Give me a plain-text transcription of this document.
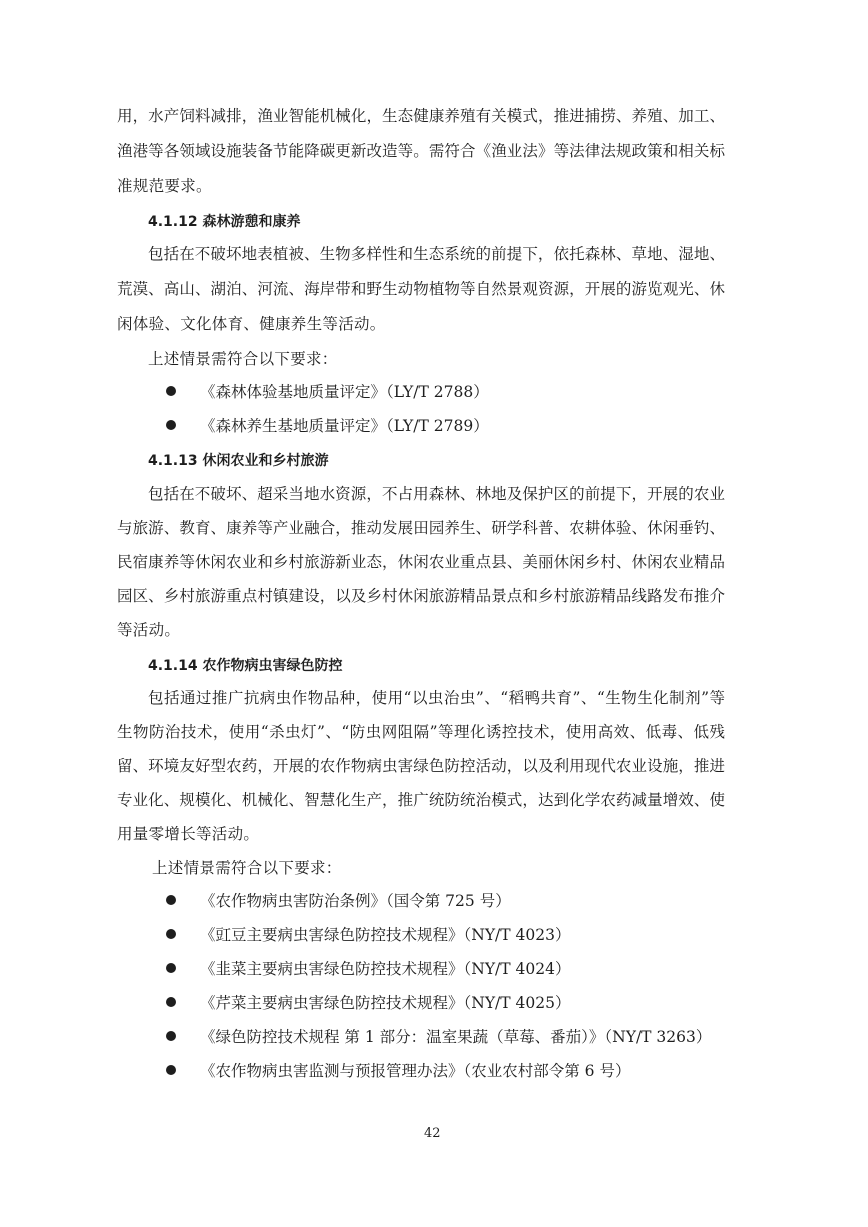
用，水产饲料减排，渔业智能机械化，生态健康养殖有关模式，推进捕捞、养殖、加工、
渔港等各领域设施装备节能降碳更新改造等。需符合《渔业法》等法律法规政策和相关标
准规范要求。
4.1.12 森林游憩和康养
包括在不破坏地表植被、生物多样性和生态系统的前提下，依托森林、草地、湿地、
荒漠、高山、湖泊、河流、海岸带和野生动物植物等自然景观资源，开展的游览观光、休
闲体验、文化体育、健康养生等活动。
上述情景需符合以下要求：
《森林体验基地质量评定》（LY/T 2788）
《森林养生基地质量评定》（LY/T 2789）
4.1.13 休闲农业和乡村旅游
包括在不破坏、超采当地水资源，不占用森林、林地及保护区的前提下，开展的农业
与旅游、教育、康养等产业融合，推动发展田园养生、研学科普、农耕体验、休闲垂钓、
民宿康养等休闲农业和乡村旅游新业态，休闲农业重点县、美丽休闲乡村、休闲农业精品
园区、乡村旅游重点村镇建设，以及乡村休闲旅游精品景点和乡村旅游精品线路发布推介
等活动。
4.1.14 农作物病虫害绿色防控
包括通过推广抗病虫作物品种，使用“以虫治虫”、“稻鸭共育”、“生物生化制剂”等
生物防治技术，使用“杀虫灯”、“防虫网阻隔”等理化诱控技术，使用高效、低毒、低残
留、环境友好型农药，开展的农作物病虫害绿色防控活动，以及利用现代农业设施，推进
专业化、规模化、机械化、智慧化生产，推广统防统治模式，达到化学农药减量增效、使
用量零增长等活动。
上述情景需符合以下要求：
《农作物病虫害防治条例》（国令第 725 号）
《豇豆主要病虫害绿色防控技术规程》（NY/T 4023）
《韭菜主要病虫害绿色防控技术规程》（NY/T 4024）
《芹菜主要病虫害绿色防控技术规程》（NY/T 4025）
《绿色防控技术规程 第 1 部分：温室果蔬（草莓、番茄）》（NY/T 3263）
《农作物病虫害监测与预报管理办法》（农业农村部令第 6 号）
42
